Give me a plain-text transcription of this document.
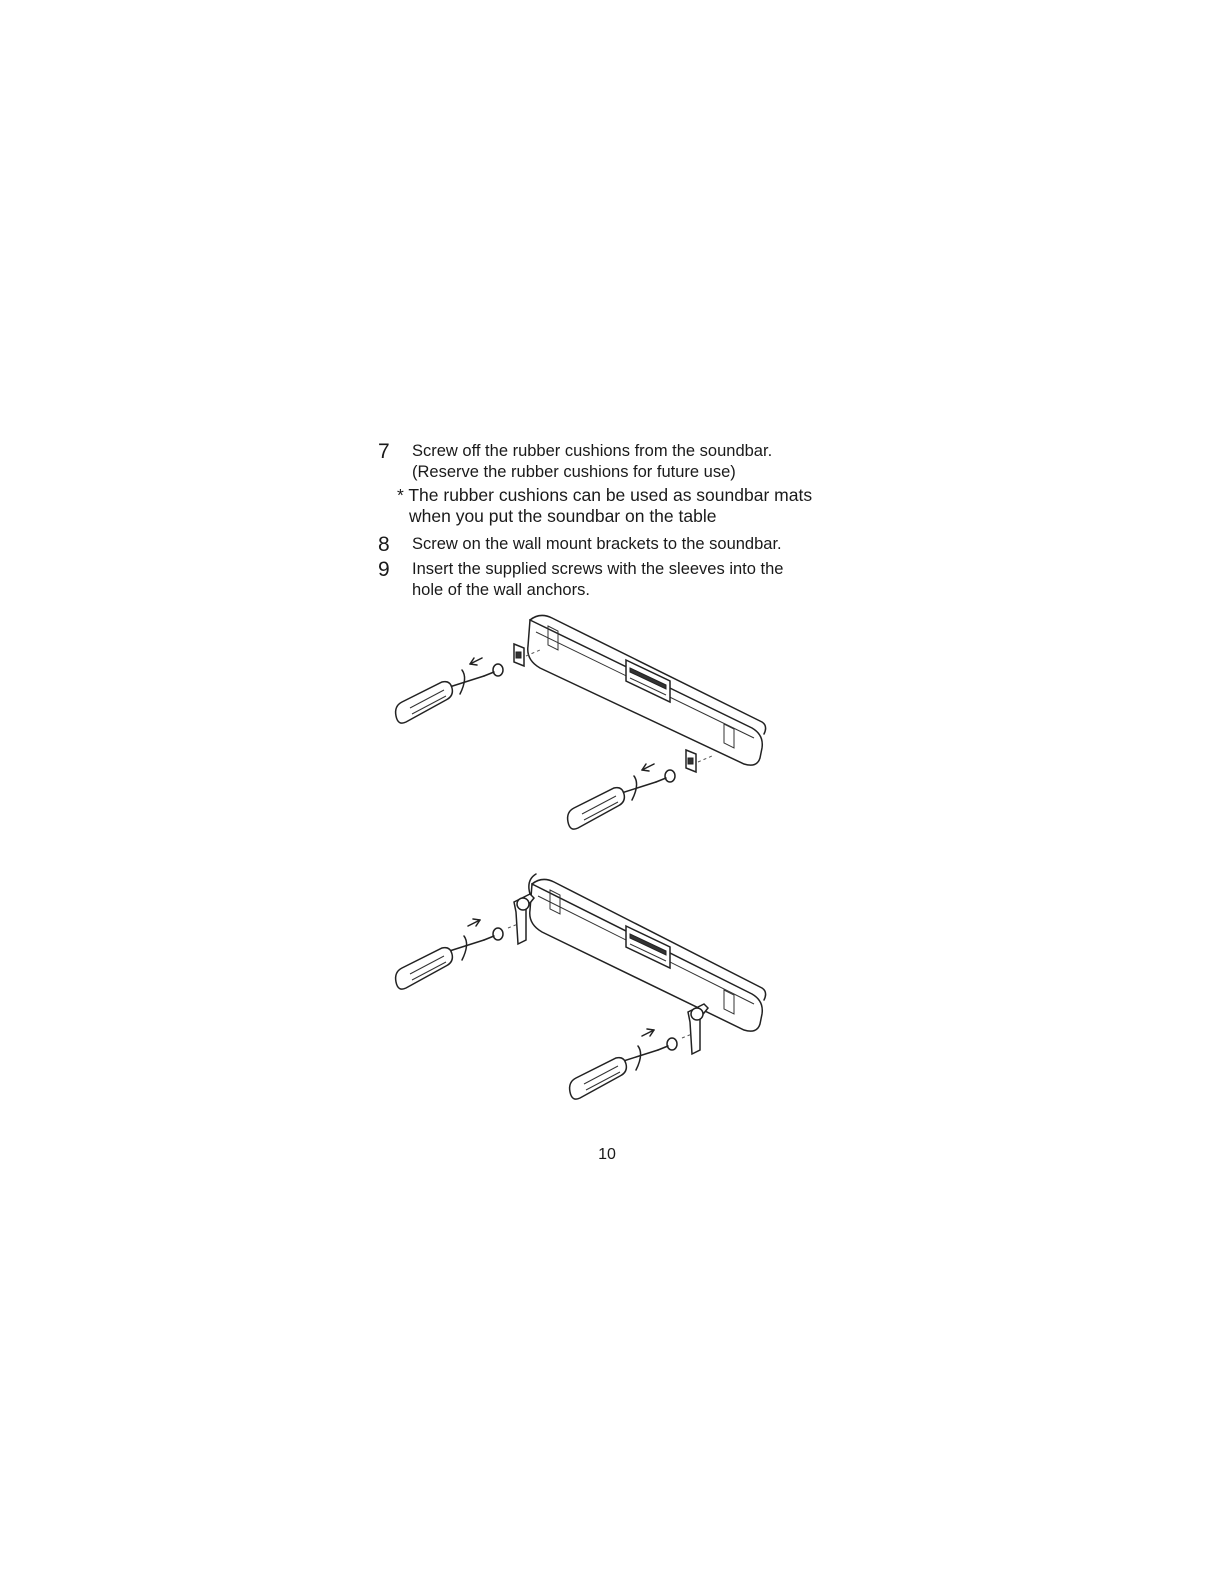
7 Screw off the rubber cushions from the soundbar.
(Reserve the rubber cushions for future use)
* The rubber cushions can be used as soundbar mats
when you put the soundbar on the table
8 Screw on the wall mount brackets to the soundbar.
9 Insert the supplied screws with the sleeves into the
hole of the wall anchors.
10
